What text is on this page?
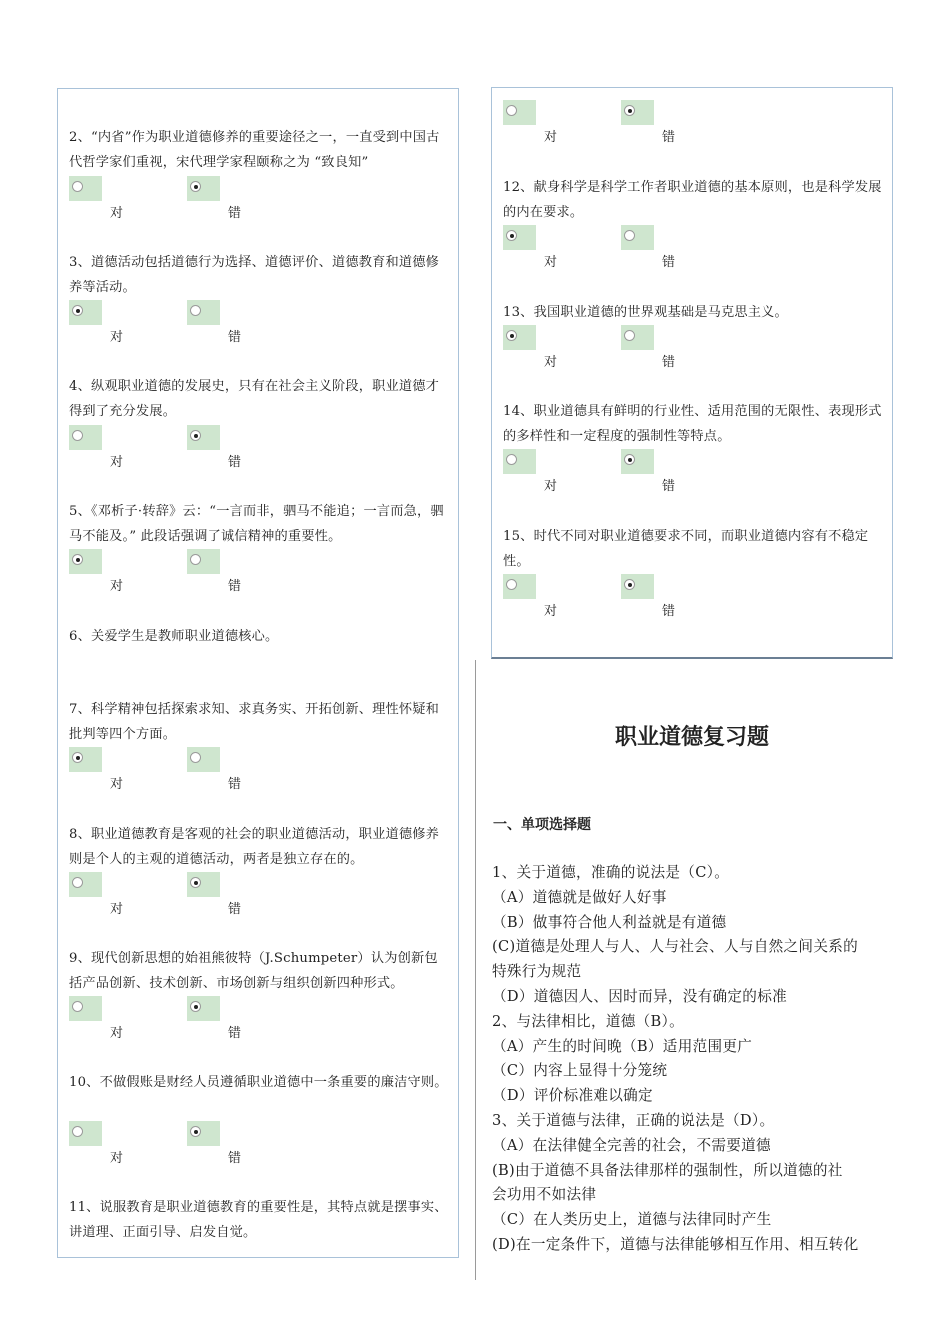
2、“内省”作为职业道德修养的重要途径之一，一直受到中国古代哲学家们重视，宋代理学家程颐称之为 “致良知”
对	错
3、道德活动包括道德行为选择、道德评价、道德教育和道德修养等活动。
对	错
4、纵观职业道德的发展史，只有在社会主义阶段，职业道德才得到了充分发展。
对	错
5、《邓析子·转辞》云：“一言而非，驷马不能追；一言而急，驷马不能及。” 此段话强调了诚信精神的重要性。
对	错
6、关爱学生是教师职业道德核心。
7、科学精神包括探索求知、求真务实、开拓创新、理性怀疑和批判等四个方面。
对	错
8、职业道德教育是客观的社会的职业道德活动，职业道德修养则是个人的主观的道德活动，两者是独立存在的。
对	错
9、现代创新思想的始祖熊彼特（J.Schumpeter）认为创新包括产品创新、技术创新、市场创新与组织创新四种形式。
对	错
10、不做假账是财经人员遵循职业道德中一条重要的廉洁守则。
对	错
11、说服教育是职业道德教育的重要性是，其特点就是摆事实、讲道理、正面引导、启发自觉。
对	错
12、献身科学是科学工作者职业道德的基本原则，也是科学发展的内在要求。
对	错
13、我国职业道德的世界观基础是马克思主义。
对	错
14、职业道德具有鲜明的行业性、适用范围的无限性、表现形式的多样性和一定程度的强制性等特点。
对	错
15、时代不同对职业道德要求不同，而职业道德内容有不稳定性。
对	错
职业道德复习题
一、单项选择题
1、关于道德，准确的说法是（C）。
（A）道德就是做好人好事
（B）做事符合他人利益就是有道德
(C)道德是处理人与人、人与社会、人与自然之间关系的
特殊行为规范
（D）道德因人、因时而异，没有确定的标准
2、与法律相比，道德（B）。
（A）产生的时间晚（B）适用范围更广
（C）内容上显得十分笼统
（D）评价标准难以确定
3、关于道德与法律，正确的说法是（D）。
（A）在法律健全完善的社会，不需要道德
(B)由于道德不具备法律那样的强制性，所以道德的社
会功用不如法律
（C）在人类历史上，道德与法律同时产生
(D)在一定条件下，道德与法律能够相互作用、相互转化
